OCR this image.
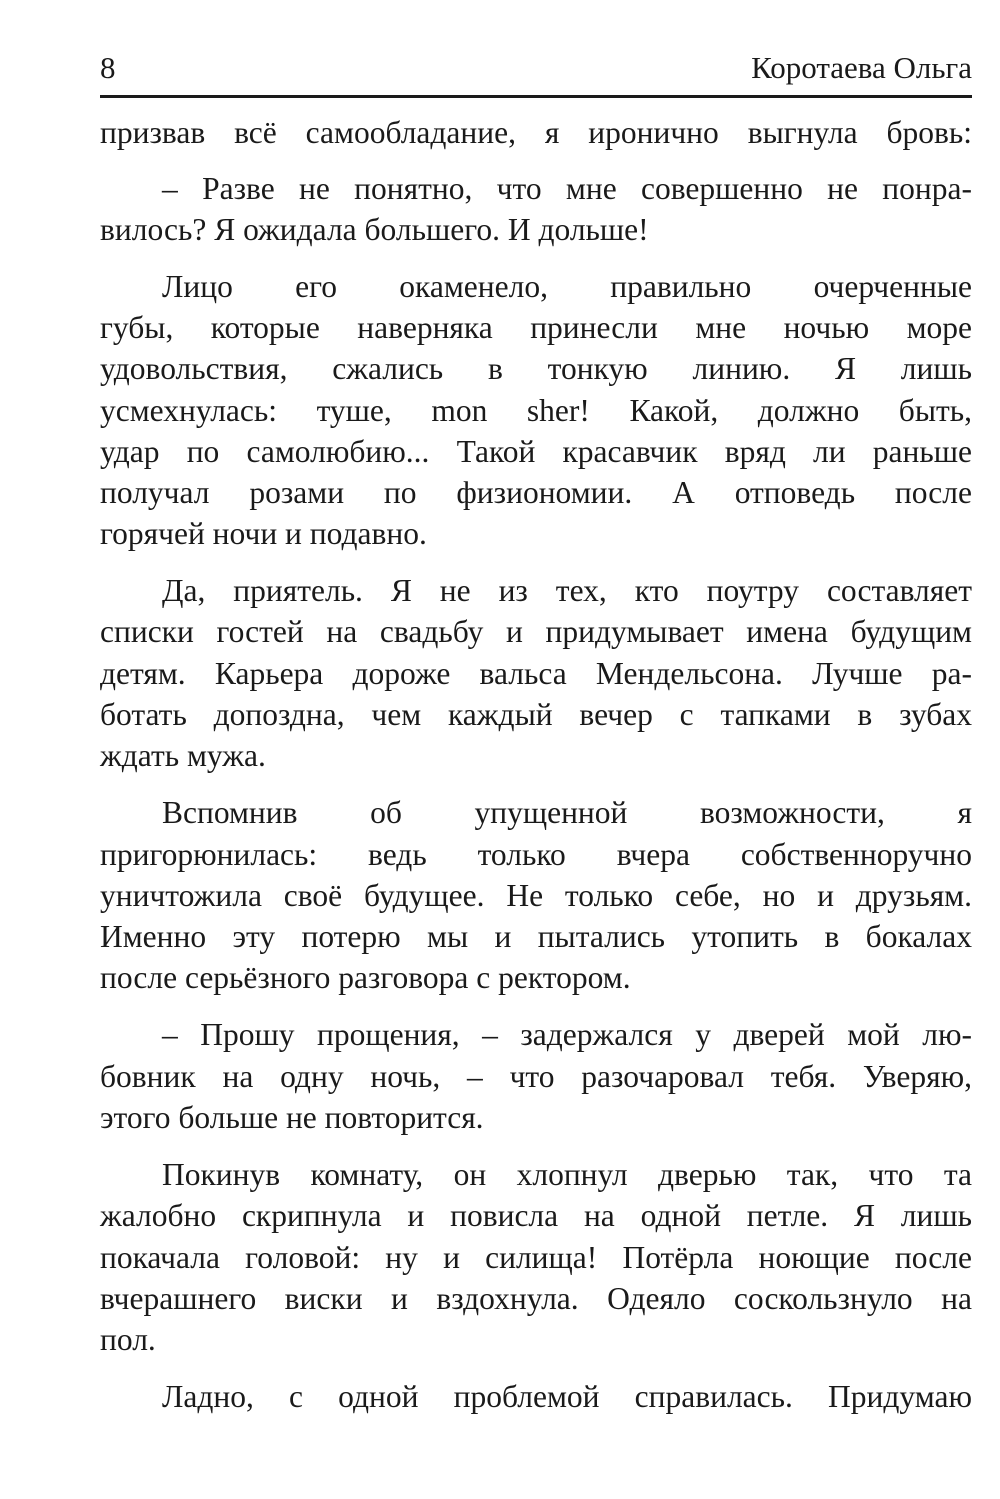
8	Коротаева Ольга
призвав всё самообладание, я иронично выгнула бровь:
– Разве не понятно, что мне совершенно не понра-
вилось? Я ожидала большего. И дольше!
Лицо его окаменело, правильно очерченные
губы, которые наверняка принесли мне ночью море
удовольствия, сжались в тонкую линию. Я лишь
усмехнулась: туше, mon sher! Какой, должно быть,
удар по самолюбию... Такой красавчик вряд ли раньше
получал розами по физиономии. А отповедь после
горячей ночи и подавно.
Да, приятель. Я не из тех, кто поутру составляет
списки гостей на свадьбу и придумывает имена будущим
детям. Карьера дороже вальса Мендельсона. Лучше ра-
ботать допоздна, чем каждый вечер с тапками в зубах
ждать мужа.
Вспомнив об упущенной возможности, я
пригорюнилась: ведь только вчера собственноручно
уничтожила своё будущее. Не только себе, но и друзьям.
Именно эту потерю мы и пытались утопить в бокалах
после серьёзного разговора с ректором.
– Прошу прощения, – задержался у дверей мой лю-
бовник на одну ночь, – что разочаровал тебя. Уверяю,
этого больше не повторится.
Покинув комнату, он хлопнул дверью так, что та
жалобно скрипнула и повисла на одной петле. Я лишь
покачала головой: ну и силища! Потёрла ноющие после
вчерашнего виски и вздохнула. Одеяло соскользнуло на
пол.
Ладно, с одной проблемой справилась. Придумаю
